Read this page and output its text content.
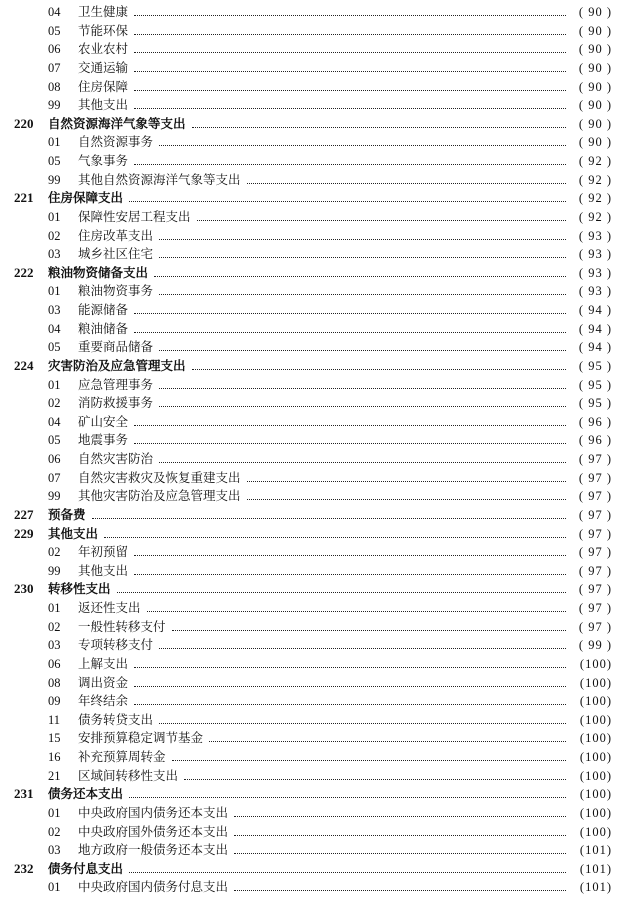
04 卫生健康	( 90 )
05 节能环保	( 90 )
06 农业农村	( 90 )
07 交通运输	( 90 )
08 住房保障	( 90 )
99 其他支出	( 90 )
220 自然资源海洋气象等支出	( 90 )
01 自然资源事务	( 90 )
05 气象事务	( 92 )
99 其他自然资源海洋气象等支出	( 92 )
221 住房保障支出	( 92 )
01 保障性安居工程支出	( 92 )
02 住房改革支出	( 93 )
03 城乡社区住宅	( 93 )
222 粮油物资储备支出	( 93 )
01 粮油物资事务	( 93 )
03 能源储备	( 94 )
04 粮油储备	( 94 )
05 重要商品储备	( 94 )
224 灾害防治及应急管理支出	( 95 )
01 应急管理事务	( 95 )
02 消防救援事务	( 95 )
04 矿山安全	( 96 )
05 地震事务	( 96 )
06 自然灾害防治	( 97 )
07 自然灾害救灾及恢复重建支出	( 97 )
99 其他灾害防治及应急管理支出	( 97 )
227 预备费	( 97 )
229 其他支出	( 97 )
02 年初预留	( 97 )
99 其他支出	( 97 )
230 转移性支出	( 97 )
01 返还性支出	( 97 )
02 一般性转移支付	( 97 )
03 专项转移支付	( 99 )
06 上解支出	(100)
08 调出资金	(100)
09 年终结余	(100)
11 债务转贷支出	(100)
15 安排预算稳定调节基金	(100)
16 补充预算周转金	(100)
21 区域间转移性支出	(100)
231 债务还本支出	(100)
01 中央政府国内债务还本支出	(100)
02 中央政府国外债务还本支出	(100)
03 地方政府一般债务还本支出	(101)
232 债务付息支出	(101)
01 中央政府国内债务付息支出	(101)
